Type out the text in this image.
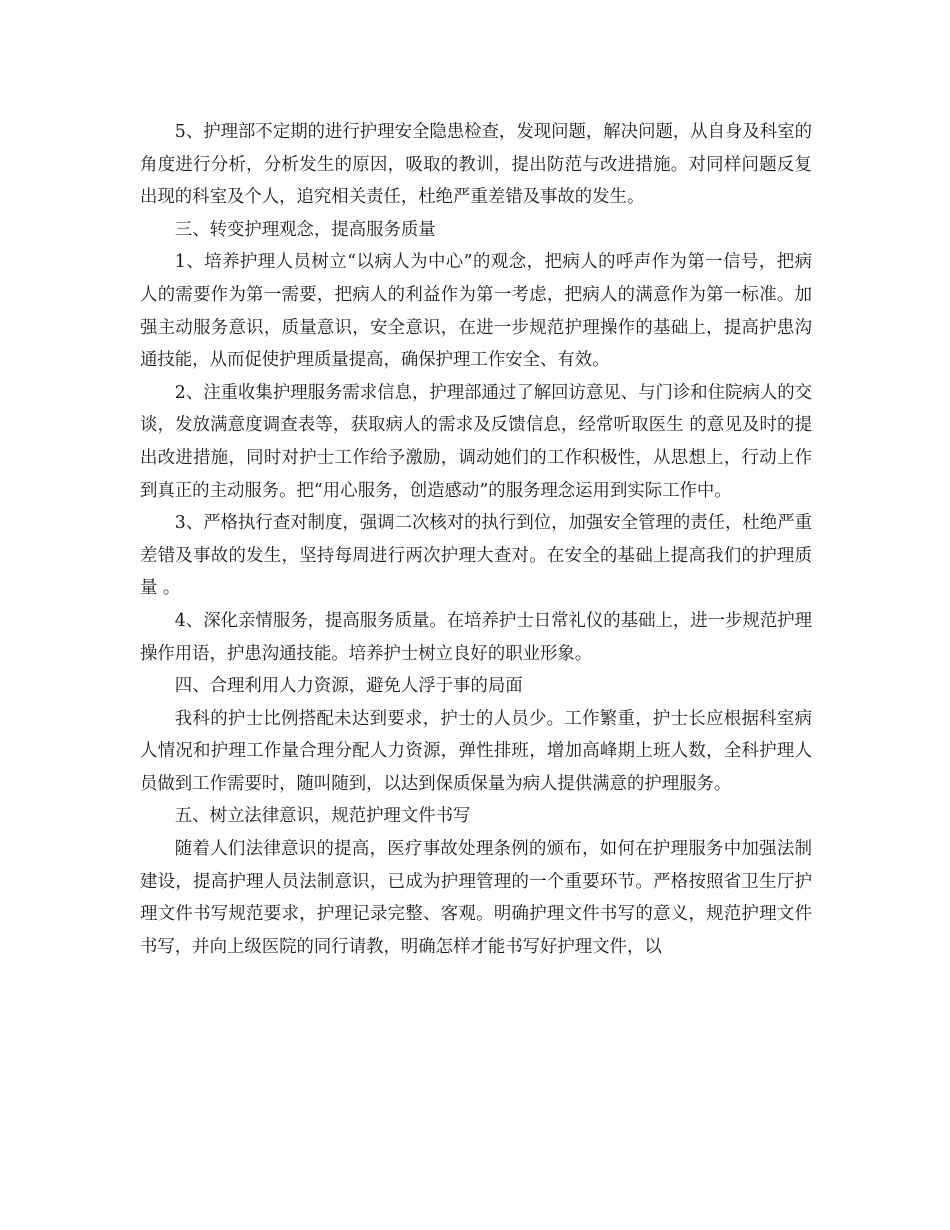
5、护理部不定期的进行护理安全隐患检查，发现问题，解决问题，从自身及科室的角度进行分析，分析发生的原因，吸取的教训，提出防范与改进措施。对同样问题反复出现的科室及个人，追究相关责任，杜绝严重差错及事故的发生。

三、转变护理观念，提高服务质量

1、培养护理人员树立“以病人为中心”的观念，把病人的呼声作为第一信号，把病人的需要作为第一需要，把病人的利益作为第一考虑，把病人的满意作为第一标准。加强主动服务意识，质量意识，安全意识，在进一步规范护理操作的基础上，提高护患沟通技能，从而促使护理质量提高，确保护理工作安全、有效。

2、注重收集护理服务需求信息，护理部通过了解回访意见、与门诊和住院病人的交谈，发放满意度调查表等，获取病人的需求及反馈信息，经常听取医生 的意见及时的提出改进措施，同时对护士工作给予激励，调动她们的工作积极性，从思想上，行动上作到真正的主动服务。把“用心服务，创造感动”的服务理念运用到实际工作中。

3、严格执行查对制度，强调二次核对的执行到位，加强安全管理的责任，杜绝严重差错及事故的发生，坚持每周进行两次护理大查对。在安全的基础上提高我们的护理质量 。

4、深化亲情服务，提高服务质量。在培养护士日常礼仪的基础上，进一步规范护理操作用语，护患沟通技能。培养护士树立良好的职业形象。

四、合理利用人力资源，避免人浮于事的局面

我科的护士比例搭配未达到要求，护士的人员少。工作繁重，护士长应根据科室病人情况和护理工作量合理分配人力资源，弹性排班，增加高峰期上班人数，全科护理人员做到工作需要时，随叫随到，以达到保质保量为病人提供满意的护理服务。

五、树立法律意识，规范护理文件书写

随着人们法律意识的提高，医疗事故处理条例的颁布，如何在护理服务中加强法制建设，提高护理人员法制意识，已成为护理管理的一个重要环节。严格按照省卫生厅护理文件书写规范要求，护理记录完整、客观。明确护理文件书写的意义，规范护理文件书写，并向上级医院的同行请教，明确怎样才能书写好护理文件，以
